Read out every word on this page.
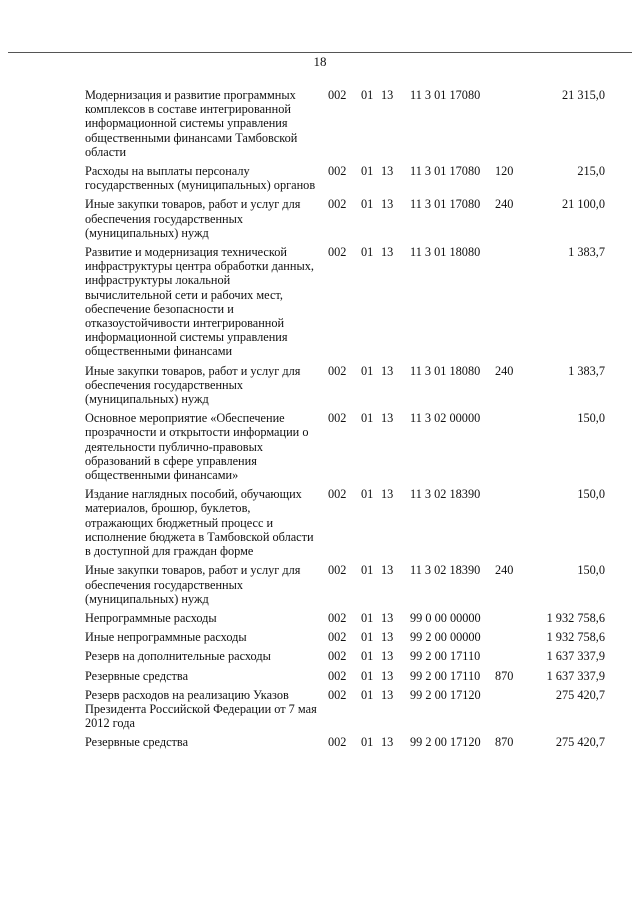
18
Модернизация и развитие программных комплексов в составе интегрированной информационной системы управления общественными финансами Тамбовской области
002 01 13 11 3 01 17080	21 315,0
Расходы на выплаты персоналу государственных (муниципальных) органов
002 01 13 11 3 01 17080 120	215,0
Иные закупки товаров, работ и услуг для обеспечения государственных (муниципальных) нужд
002 01 13 11 3 01 17080 240	21 100,0
Развитие и модернизация технической инфраструктуры центра обработки данных, инфраструктуры локальной вычислительной сети и рабочих мест, обеспечение безопасности и отказоустойчивости интегрированной информационной системы управления общественными финансами
002 01 13 11 3 01 18080	1 383,7
Иные закупки товаров, работ и услуг для обеспечения государственных (муниципальных) нужд
002 01 13 11 3 01 18080 240	1 383,7
Основное мероприятие «Обеспечение прозрачности и открытости информации о деятельности публично-правовых образований в сфере управления общественными финансами»
002 01 13 11 3 02 00000	150,0
Издание наглядных пособий, обучающих материалов, брошюр, буклетов, отражающих бюджетный процесс и исполнение бюджета в Тамбовской области в доступной для граждан форме
002 01 13 11 3 02 18390	150,0
Иные закупки товаров, работ и услуг для обеспечения государственных (муниципальных) нужд
002 01 13 11 3 02 18390 240	150,0
Непрограммные расходы	002 01 13 99 0 00 00000	1 932 758,6
Иные непрограммные расходы	002 01 13 99 2 00 00000	1 932 758,6
Резерв на дополнительные расходы	002 01 13 99 2 00 17110	1 637 337,9
Резервные средства	002 01 13 99 2 00 17110 870	1 637 337,9
Резерв расходов на реализацию Указов Президента Российской Федерации от 7 мая 2012 года
002 01 13 99 2 00 17120	275 420,7
Резервные средства	002 01 13 99 2 00 17120 870	275 420,7
